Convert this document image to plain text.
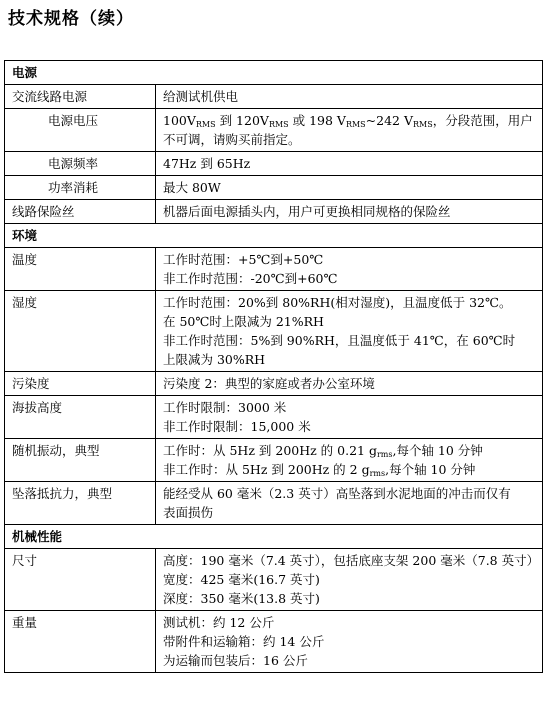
技术规格（续）
电源	
交流线路电源	给测试机供电
电源电压	$100V_{RMS}$ 到 $120V_{RMS}$ 或 198 $V_{RMS}\sim 242$ $V_{RMS}$，分段范围，用户不可调，请购买前指定。
电源频率	47Hz 到 65Hz
功率消耗	最大 80W
线路保险丝	机器后面电源插头内，用户可更换相同规格的保险丝
环境	
温度	工作时范围：+5℃到+50℃
非工作时范围：-20℃到+60℃

湿度	工作时范围：20%到 80%RH(相对湿度)，且温度低于 32℃。
在 50℃时上限减为 21%RH
非工作时范围：5%到 90%RH，且温度低于 41℃，在 60℃时
上限减为 30%RH

污染度	污染度 2：典型的家庭或者办公室环境
海拔高度	工作时限制：3000 米
非工作时限制：15,000 米

随机振动，典型	工作时：从 5Hz 到 200Hz 的 0.21 $g_{rms}$,每个轴 10 分钟
非工作时：从 5Hz 到 200Hz 的 2 $g_{rms}$,每个轴 10 分钟

坠落抵抗力，典型	能经受从 60 毫米（2.3 英寸）高坠落到水泥地面的冲击而仅有
表面损伤

机械性能	
尺寸	高度：190 毫米（7.4 英寸），包括底座支架 200 毫米（7.8 英寸）
宽度：425 毫米(16.7 英寸)
深度：350 毫米(13.8 英寸)

重量	测试机：约 12 公斤
带附件和运输箱：约 14 公斤
为运输而包装后：16 公斤
